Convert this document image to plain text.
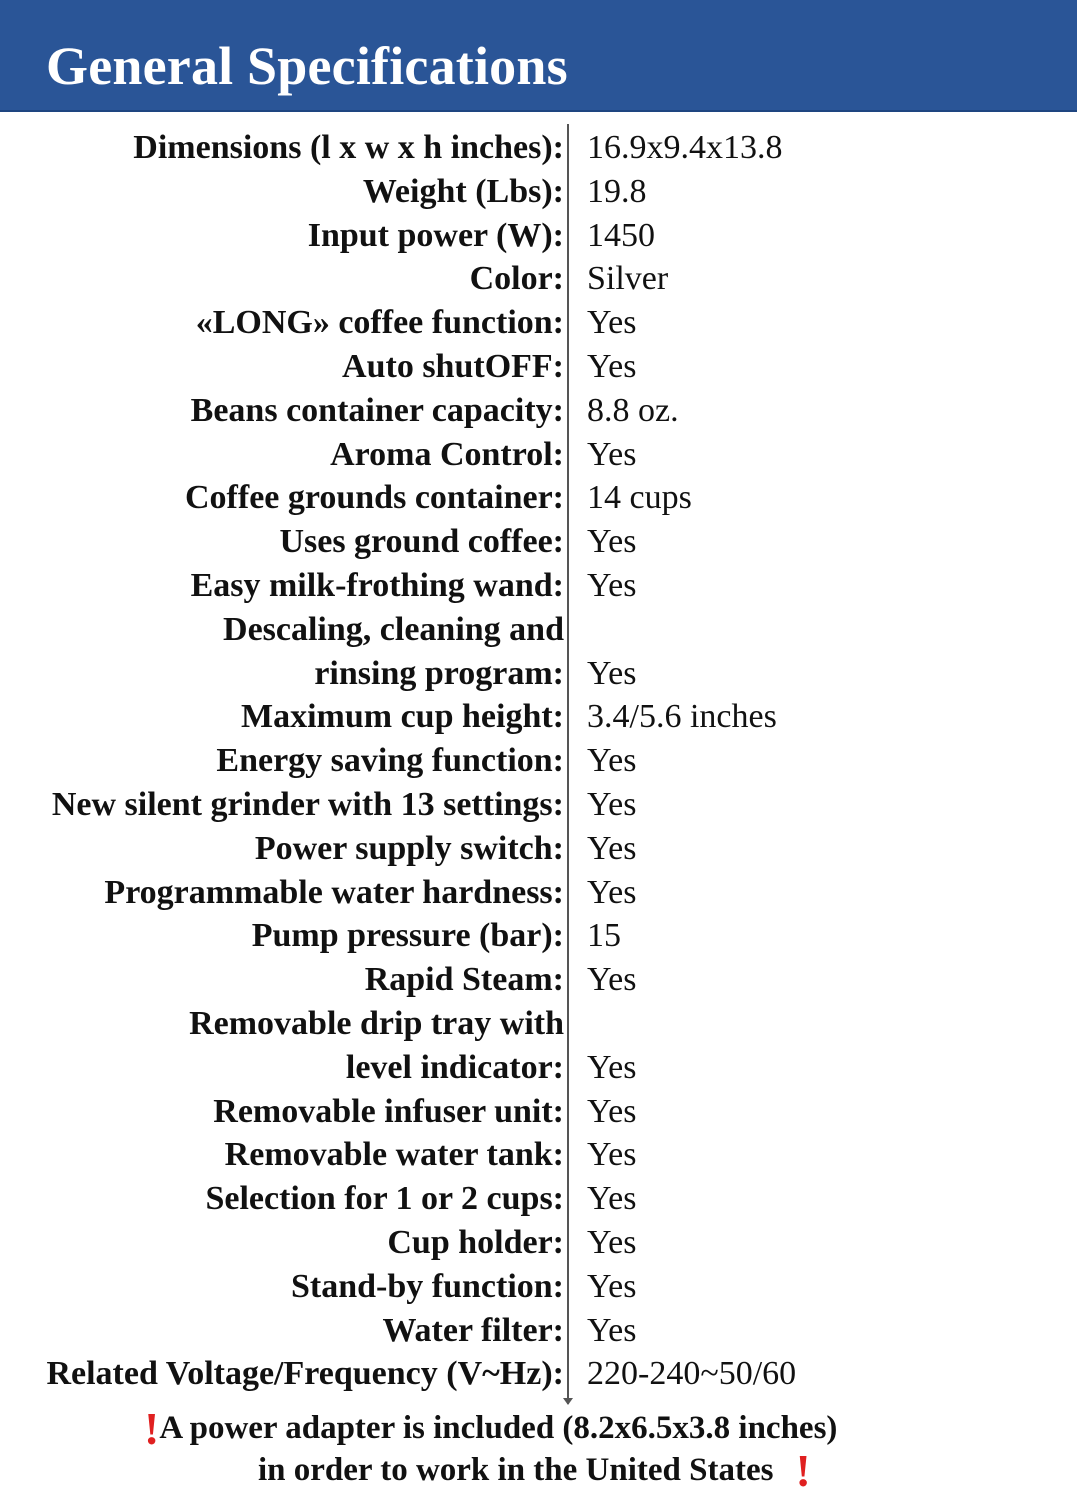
General Specifications
Dimensions (l x w x h inches): 16.9x9.4x13.8
Weight (Lbs): 19.8
Input power (W): 1450
Color: Silver
«LONG» coffee function: Yes
Auto shutOFF: Yes
Beans container capacity: 8.8 oz.
Aroma Control: Yes
Coffee grounds container: 14 cups
Uses ground coffee: Yes
Easy milk-frothing wand: Yes
Descaling, cleaning and
rinsing program: Yes
Maximum cup height: 3.4/5.6 inches
Energy saving function: Yes
New silent grinder with 13 settings: Yes
Power supply switch: Yes
Programmable water hardness: Yes
Pump pressure (bar): 15
Rapid Steam: Yes
Removable drip tray with
level indicator: Yes
Removable infuser unit: Yes
Removable water tank: Yes
Selection for 1 or 2 cups: Yes
Cup holder: Yes
Stand-by function: Yes
Water filter: Yes
Related Voltage/Frequency (V~Hz): 220-240~50/60
!A power adapter is included (8.2x6.5x3.8 inches)
in order to work in the United States !
